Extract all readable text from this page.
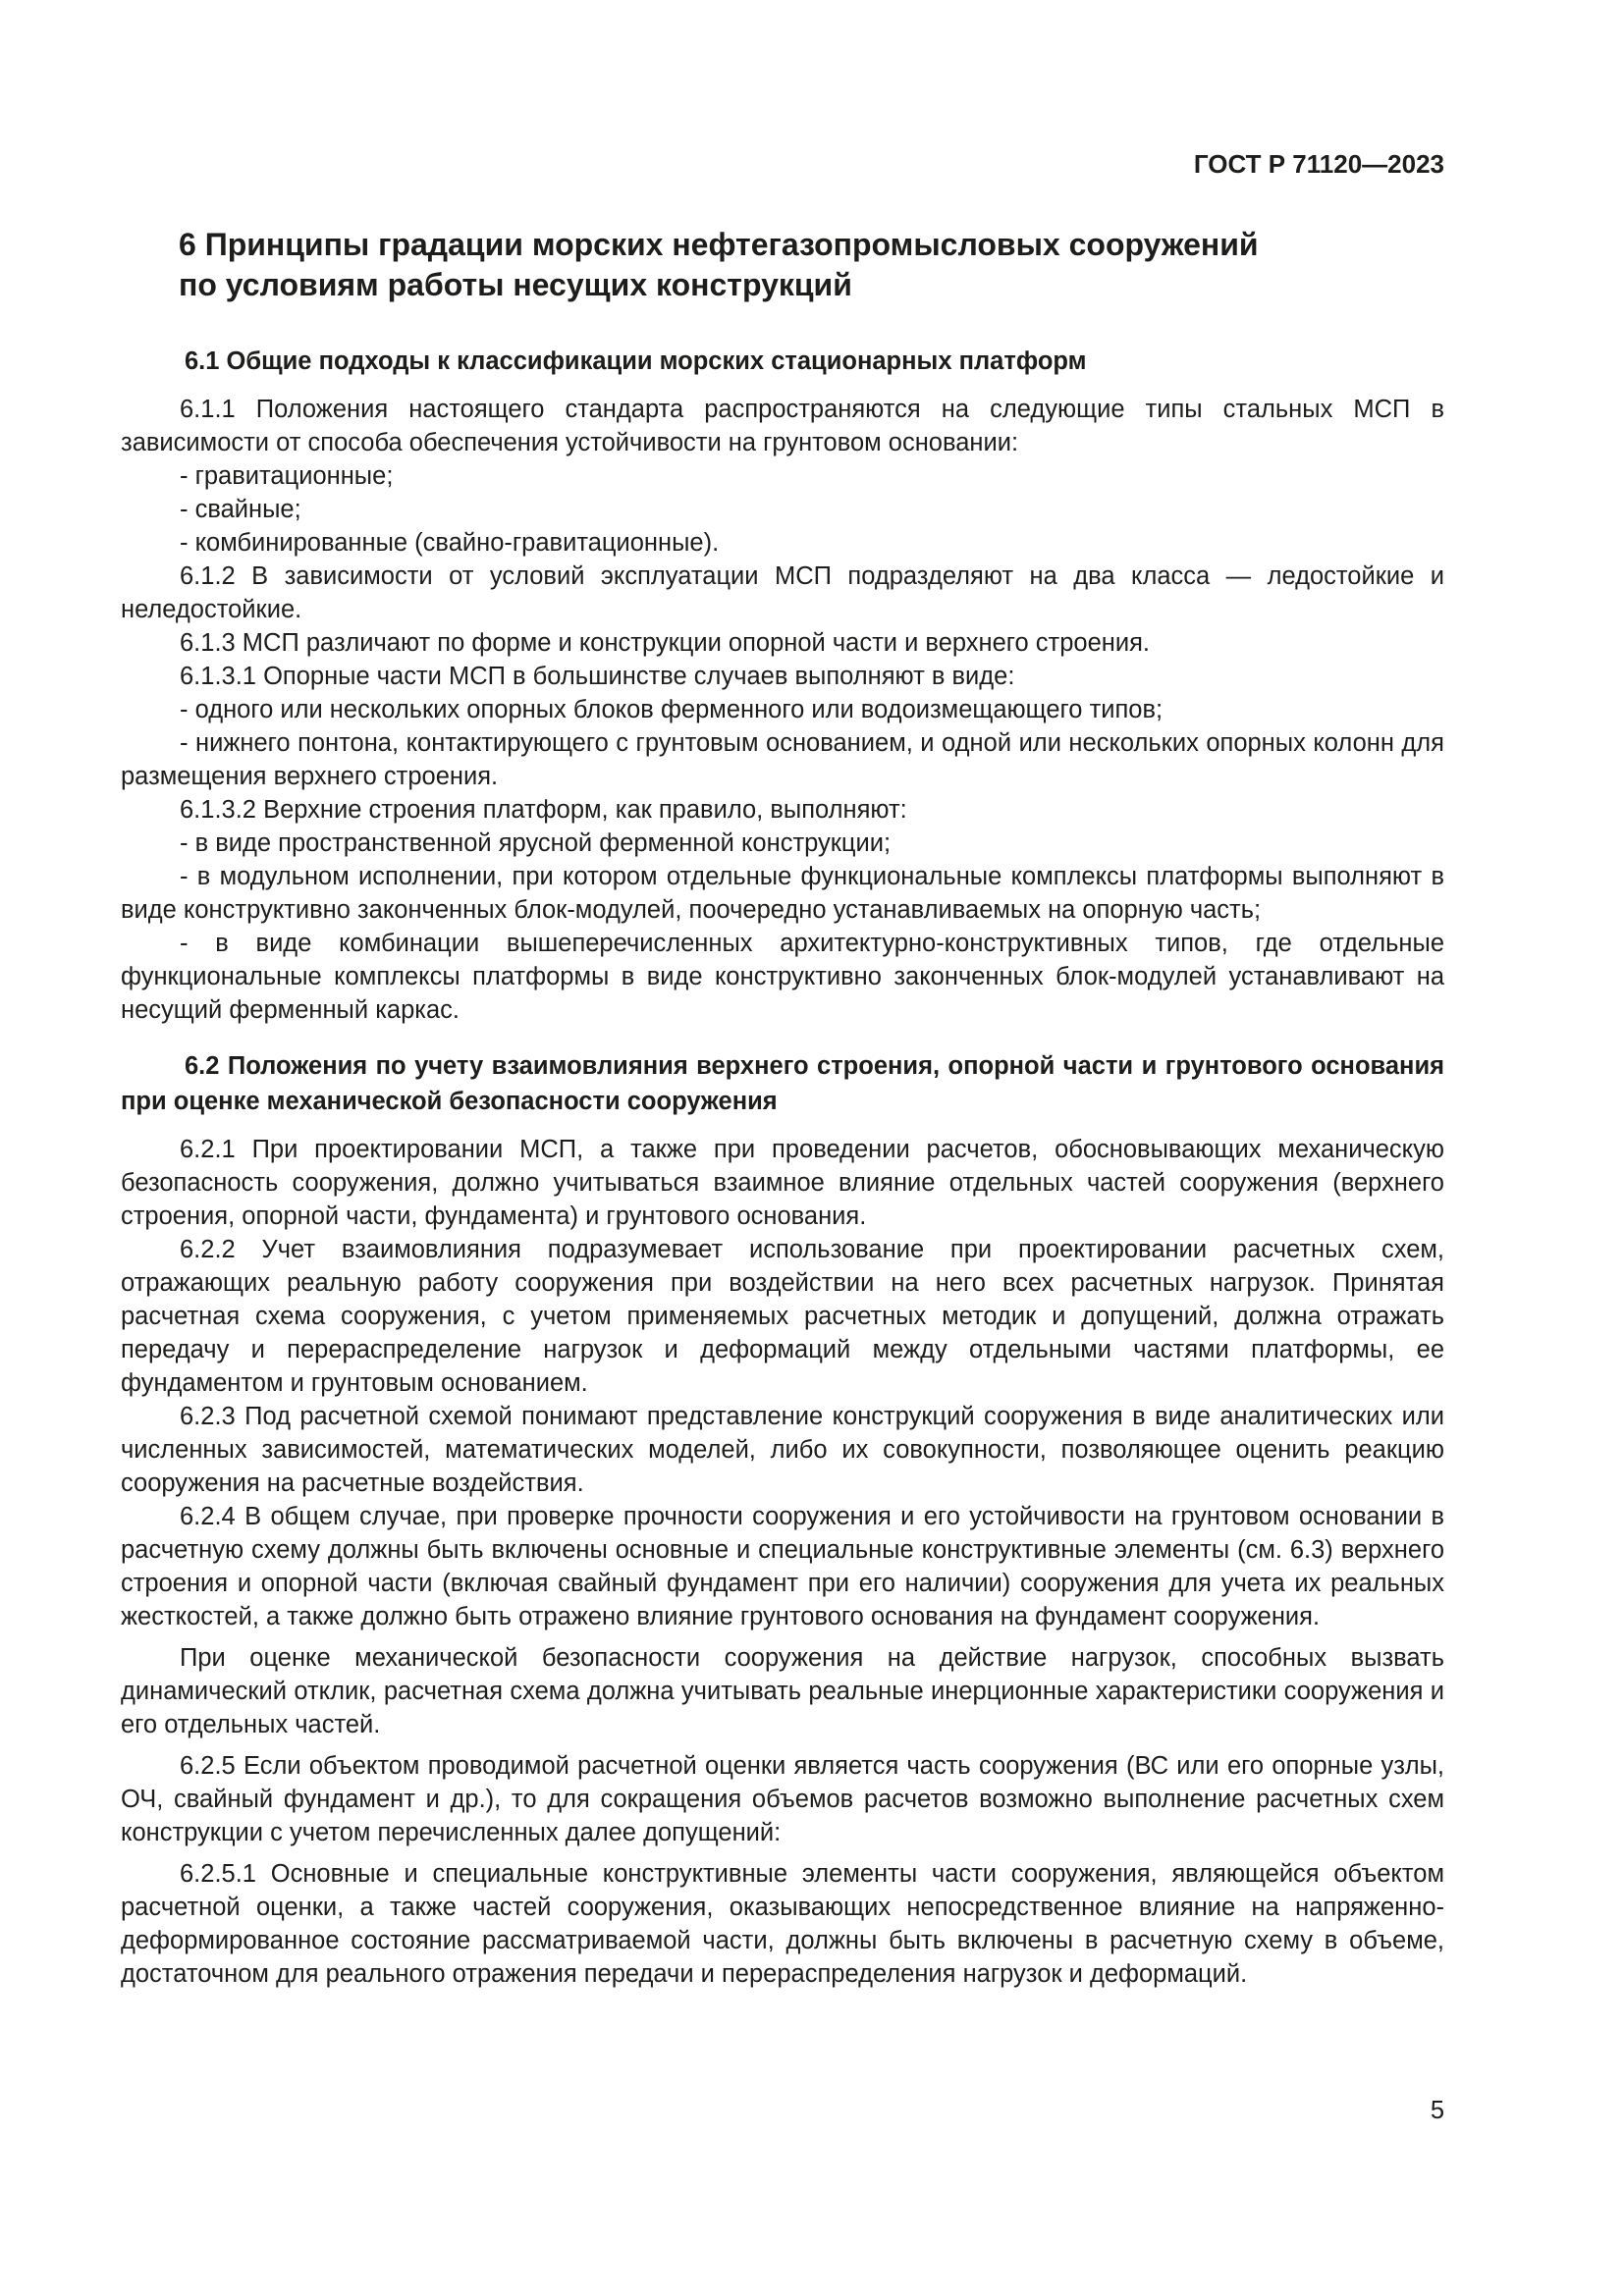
ГОСТ Р 71120—2023
6 Принципы градации морских нефтегазопромысловых сооружений
по условиям работы несущих конструкций
6.1 Общие подходы к классификации морских стационарных платформ

6.1.1 Положения настоящего стандарта распространяются на следующие типы стальных МСП в зависимости от способа обеспечения устойчивости на грунтовом основании:

- гравитационные;

- свайные;

- комбинированные (свайно-гравитационные).

6.1.2 В зависимости от условий эксплуатации МСП подразделяют на два класса — ледостойкие и неледостойкие.

6.1.3 МСП различают по форме и конструкции опорной части и верхнего строения.

6.1.3.1 Опорные части МСП в большинстве случаев выполняют в виде:

- одного или нескольких опорных блоков ферменного или водоизмещающего типов;

- нижнего понтона, контактирующего с грунтовым основанием, и одной или нескольких опорных колонн для размещения верхнего строения.

6.1.3.2 Верхние строения платформ, как правило, выполняют:

- в виде пространственной ярусной ферменной конструкции;

- в модульном исполнении, при котором отдельные функциональные комплексы платформы выполняют в виде конструктивно законченных блок-модулей, поочередно устанавливаемых на опорную часть;

- в виде комбинации вышеперечисленных архитектурно-конструктивных типов, где отдельные функциональные комплексы платформы в виде конструктивно законченных блок-модулей устанавливают на несущий ферменный каркас.

6.2 Положения по учету взаимовлияния верхнего строения, опорной части и грунтового основания при оценке механической безопасности сооружения

6.2.1 При проектировании МСП, а также при проведении расчетов, обосновывающих механическую безопасность сооружения, должно учитываться взаимное влияние отдельных частей сооружения (верхнего строения, опорной части, фундамента) и грунтового основания.

6.2.2 Учет взаимовлияния подразумевает использование при проектировании расчетных схем, отражающих реальную работу сооружения при воздействии на него всех расчетных нагрузок. Принятая расчетная схема сооружения, с учетом применяемых расчетных методик и допущений, должна отражать передачу и перераспределение нагрузок и деформаций между отдельными частями платформы, ее фундаментом и грунтовым основанием.

6.2.3 Под расчетной схемой понимают представление конструкций сооружения в виде аналитических или численных зависимостей, математических моделей, либо их совокупности, позволяющее оценить реакцию сооружения на расчетные воздействия.

6.2.4 В общем случае, при проверке прочности сооружения и его устойчивости на грунтовом основании в расчетную схему должны быть включены основные и специальные конструктивные элементы (см. 6.3) верхнего строения и опорной части (включая свайный фундамент при его наличии) сооружения для учета их реальных жесткостей, а также должно быть отражено влияние грунтового основания на фундамент сооружения.

При оценке механической безопасности сооружения на действие нагрузок, способных вызвать динамический отклик, расчетная схема должна учитывать реальные инерционные характеристики сооружения и его отдельных частей.

6.2.5 Если объектом проводимой расчетной оценки является часть сооружения (ВС или его опорные узлы, ОЧ, свайный фундамент и др.), то для сокращения объемов расчетов возможно выполнение расчетных схем конструкции с учетом перечисленных далее допущений:

6.2.5.1 Основные и специальные конструктивные элементы части сооружения, являющейся объектом расчетной оценки, а также частей сооружения, оказывающих непосредственное влияние на напряженно-деформированное состояние рассматриваемой части, должны быть включены в расчетную схему в объеме, достаточном для реального отражения передачи и перераспределения нагрузок и деформаций.

5
